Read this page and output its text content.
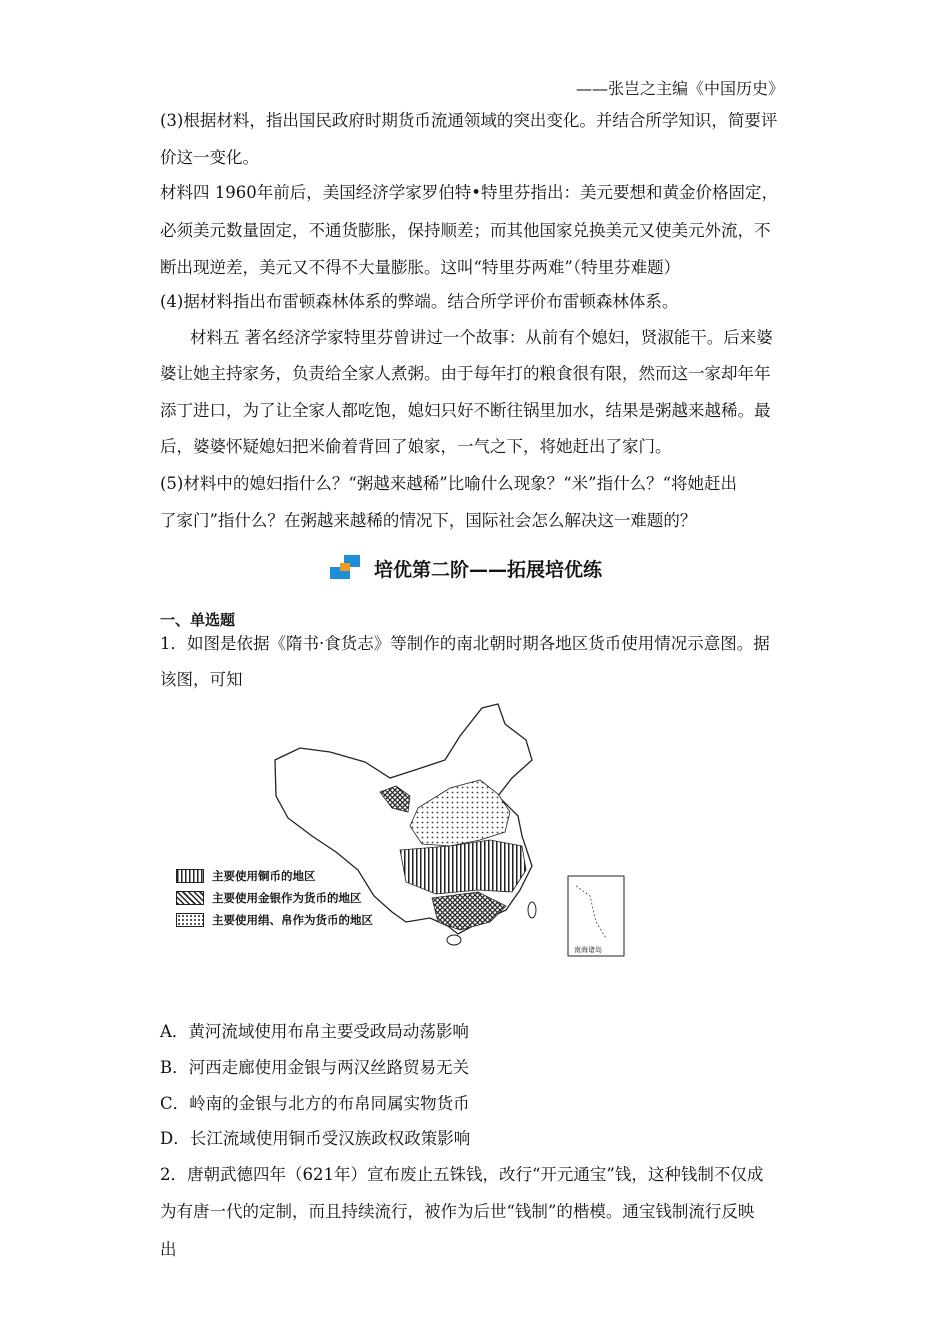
——张岂之主编《中国历史》
(3)根据材料，指出国民政府时期货币流通领域的突出变化。并结合所学知识，简要评
价这一变化。
材料四 1960年前后，美国经济学家罗伯特•特里芬指出：美元要想和黄金价格固定，
必须美元数量固定，不通货膨胀，保持顺差；而其他国家兑换美元又使美元外流，不
断出现逆差，美元又不得不大量膨胀。这叫“特里芬两难”（特里芬难题）
(4)据材料指出布雷顿森林体系的弊端。结合所学评价布雷顿森林体系。
材料五 著名经济学家特里芬曾讲过一个故事：从前有个媳妇，贤淑能干。后来婆
婆让她主持家务，负责给全家人煮粥。由于每年打的粮食很有限，然而这一家却年年
添丁进口，为了让全家人都吃饱，媳妇只好不断往锅里加水，结果是粥越来越稀。最
后，婆婆怀疑媳妇把米偷着背回了娘家，一气之下，将她赶出了家门。
(5)材料中的媳妇指什么？“粥越来越稀”比喻什么现象？“米”指什么？“将她赶出
了家门”指什么？在粥越来越稀的情况下，国际社会怎么解决这一难题的？
培优第二阶——拓展培优练
一、单选题
1．如图是依据《隋书·食货志》等制作的南北朝时期各地区货币使用情况示意图。据
该图，可知
南海诸岛
主要使用铜币的地区
主要使用金银作为货币的地区
主要使用绢、帛作为货币的地区
A．黄河流域使用布帛主要受政局动荡影响
B．河西走廊使用金银与两汉丝路贸易无关
C．岭南的金银与北方的布帛同属实物货币
D．长江流域使用铜币受汉族政权政策影响
2．唐朝武德四年（621年）宣布废止五铢钱，改行“开元通宝”钱，这种钱制不仅成
为有唐一代的定制，而且持续流行，被作为后世“钱制”的楷模。通宝钱制流行反映
出
